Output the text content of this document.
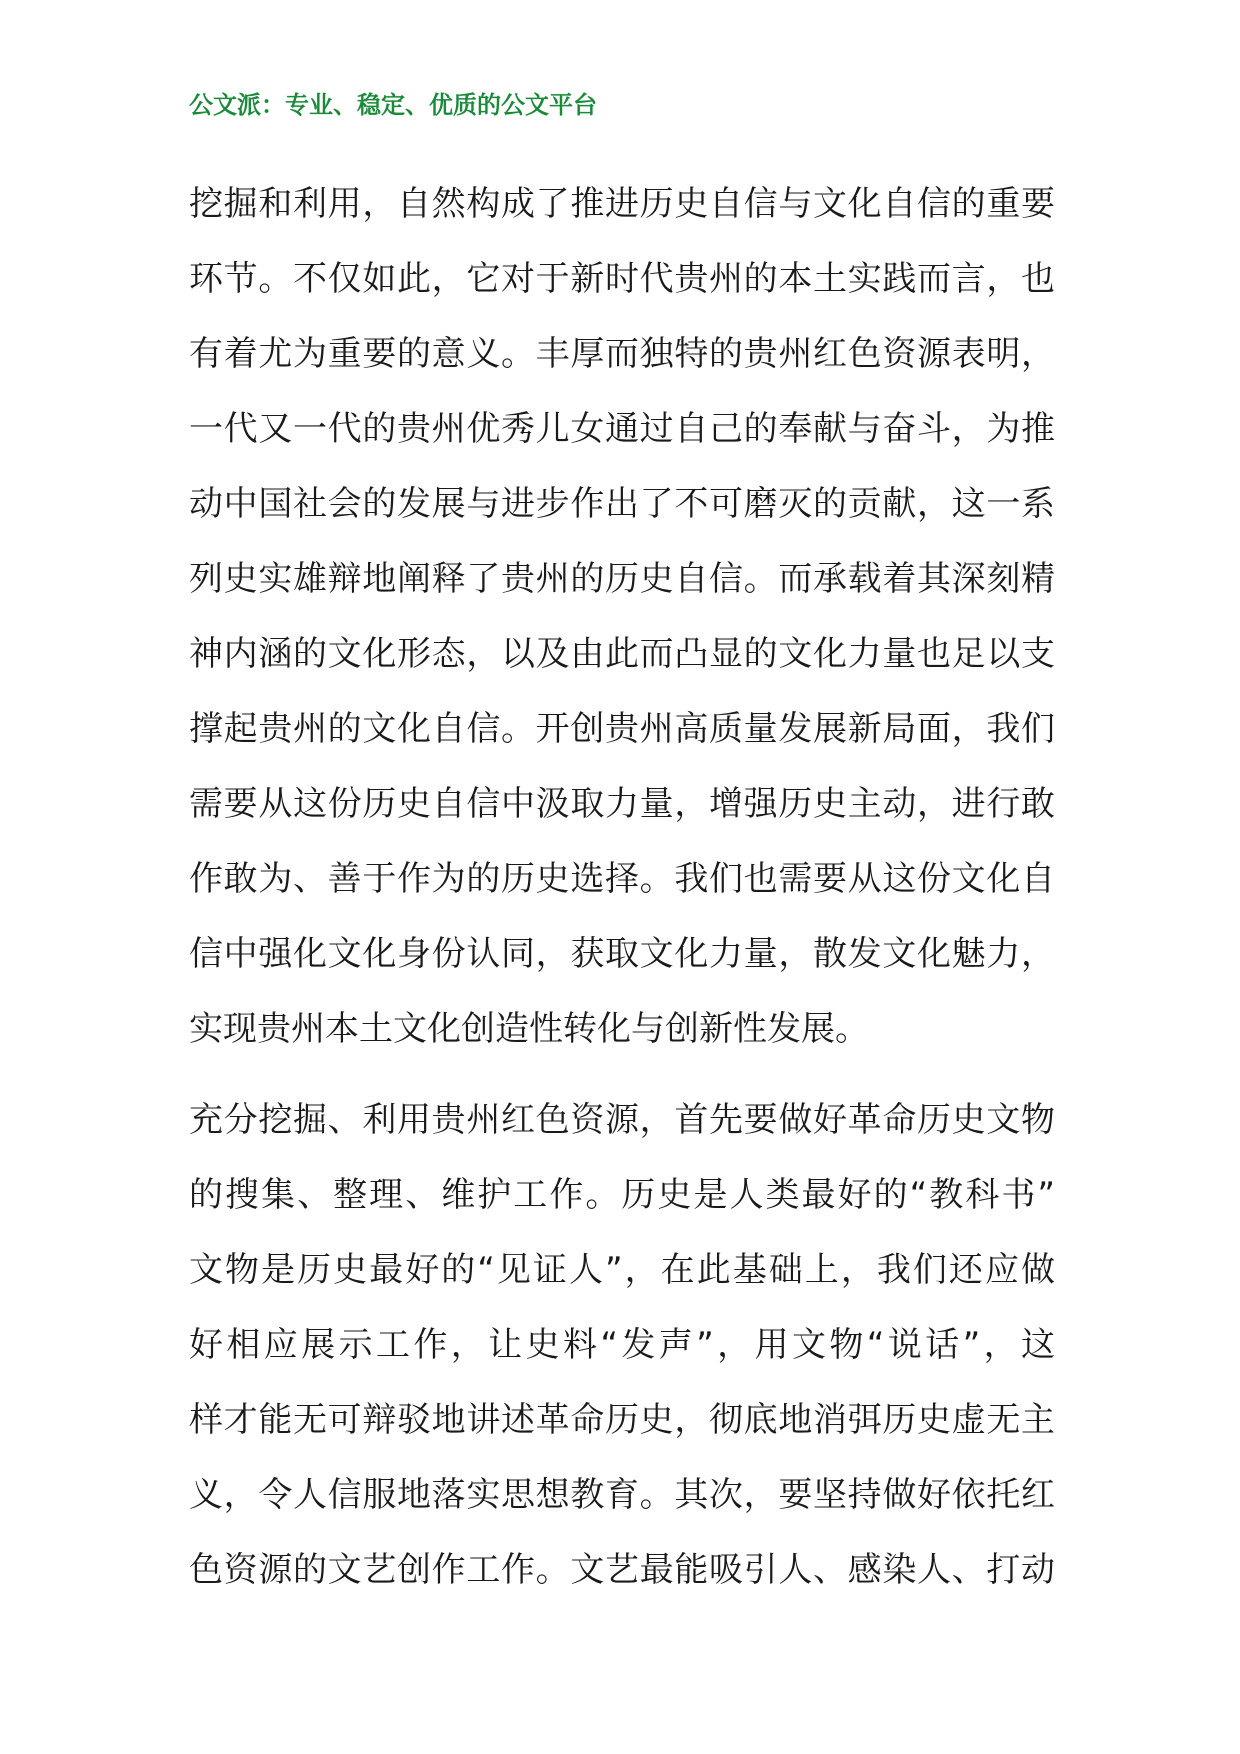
公文派：专业、稳定、优质的公文平台
挖掘和利用，自然构成了推进历史自信与文化自信的重要
环节。不仅如此，它对于新时代贵州的本土实践而言，也
有着尤为重要的意义。丰厚而独特的贵州红色资源表明，
一代又一代的贵州优秀儿女通过自己的奉献与奋斗，为推
动中国社会的发展与进步作出了不可磨灭的贡献，这一系
列史实雄辩地阐释了贵州的历史自信。而承载着其深刻精
神内涵的文化形态，以及由此而凸显的文化力量也足以支
撑起贵州的文化自信。开创贵州高质量发展新局面，我们
需要从这份历史自信中汲取力量，增强历史主动，进行敢
作敢为、善于作为的历史选择。我们也需要从这份文化自
信中强化文化身份认同，获取文化力量，散发文化魅力，
实现贵州本土文化创造性转化与创新性发展。
充分挖掘、利用贵州红色资源，首先要做好革命历史文物
的搜集、整理、维护工作。历史是人类最好的“教科书”
文物是历史最好的“见证人”，在此基础上，我们还应做
好相应展示工作，让史料“发声”，用文物“说话”，这
样才能无可辩驳地讲述革命历史，彻底地消弭历史虚无主
义，令人信服地落实思想教育。其次，要坚持做好依托红
色资源的文艺创作工作。文艺最能吸引人、感染人、打动
